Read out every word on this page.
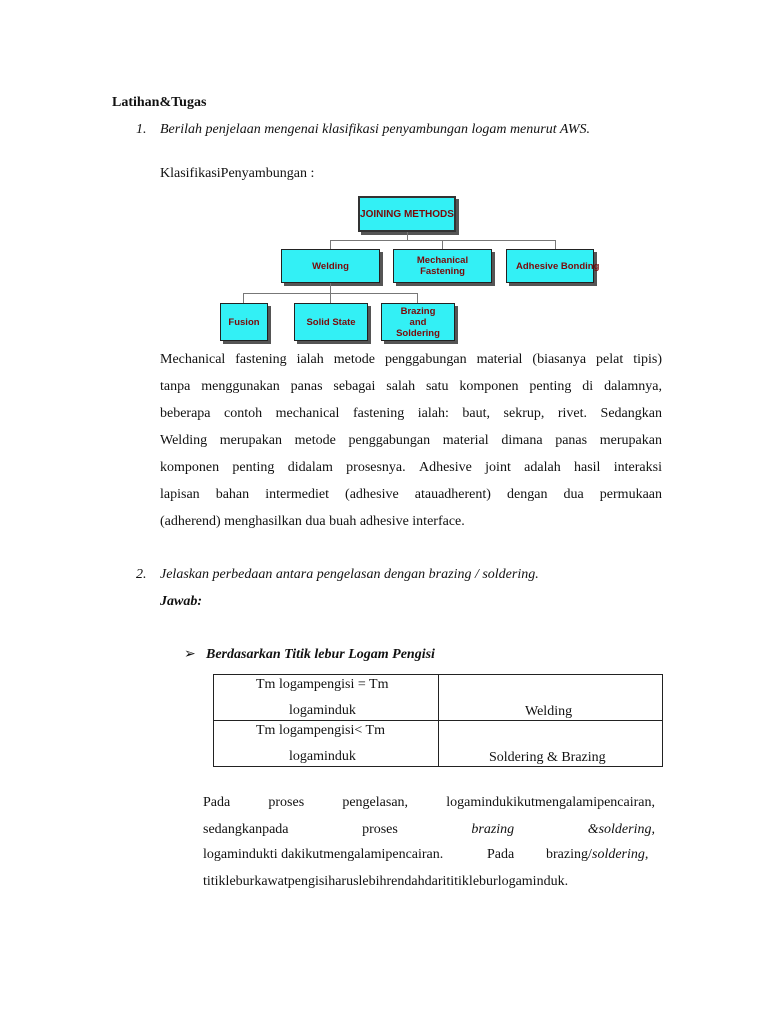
Latihan&Tugas
1. Berilah penjelaan mengenai klasifikasi penyambungan logam menurut AWS.
KlasifikasiPenyambungan :
JOINING METHODS
Welding	Mechanical Fastening	Adhesive Bonding
Fusion	Solid State
Brazing
and
Soldering
Mechanical fastening ialah metode penggabungan material (biasanya pelat tipis)
tanpa menggunakan panas sebagai salah satu komponen penting di dalamnya,
beberapa contoh mechanical fastening ialah: baut, sekrup, rivet. Sedangkan
Welding merupakan metode penggabungan material dimana panas merupakan
komponen penting didalam prosesnya. Adhesive joint adalah hasil interaksi
lapisan bahan intermediet (adhesive atauadherent) dengan dua permukaan
(adherend) menghasilkan dua buah adhesive interface.
2. Jelaskan perbedaan antara pengelasan dengan brazing / soldering.
Jawab:
➢ Berdasarkan Titik lebur Logam Pengisi
Tm logampengisi = Tm
logaminduk	Welding

Tm logampengisi< Tm
logaminduk	Soldering & Brazing
Pada	proses	pengelasan,	logamindukikutmengalamipencairan,
sedangkanpada	proses	brazing	&soldering,
logamindukti dakikutmengalamipencairan.	Pada brazing/ soldering,
titikleburkawatpengisiharuslebihrendahdarititikleburlogaminduk.
